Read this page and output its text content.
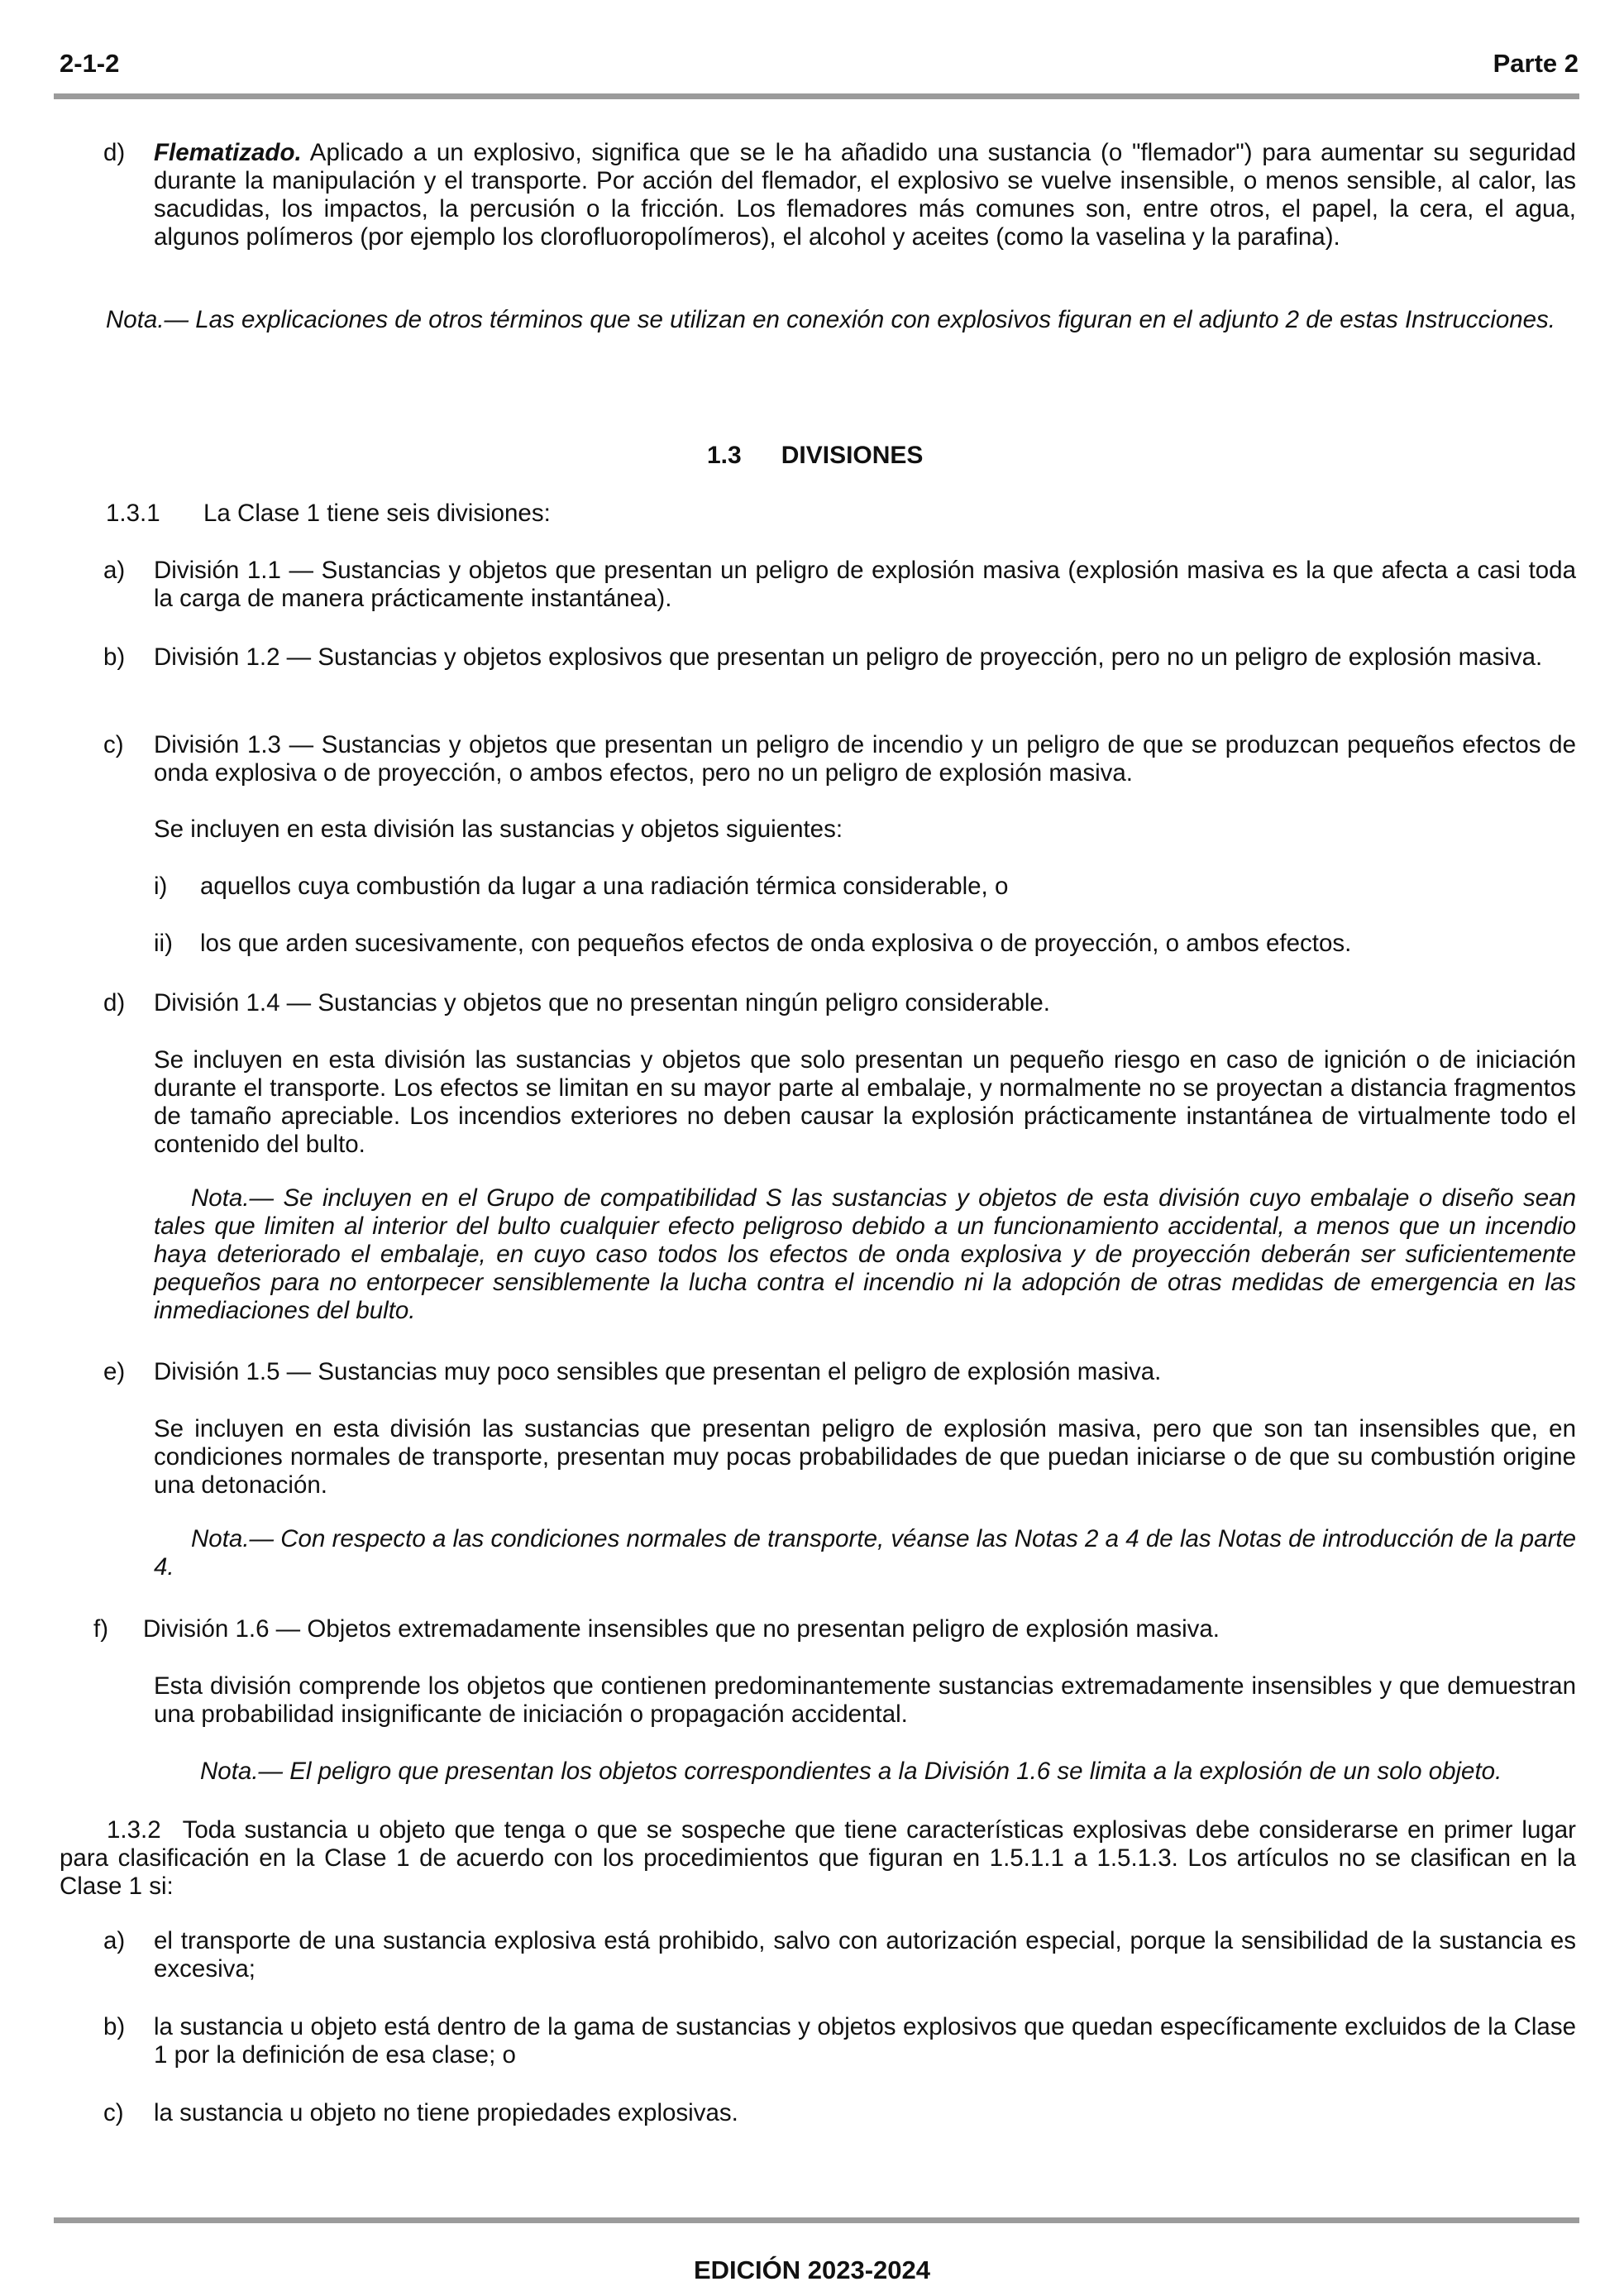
2-1-2	Parte 2
d) Flematizado. Aplicado a un explosivo, significa que se le ha añadido una sustancia (o "flemador") para aumentar su seguridad durante la manipulación y el transporte. Por acción del flemador, el explosivo se vuelve insensible, o menos sensible, al calor, las sacudidas, los impactos, la percusión o la fricción. Los flemadores más comunes son, entre otros, el papel, la cera, el agua, algunos polímeros (por ejemplo los clorofluoropolímeros), el alcohol y aceites (como la vaselina y la parafina).

Nota.— Las explicaciones de otros términos que se utilizan en conexión con explosivos figuran en el adjunto 2 de estas Instrucciones.

1.3 DIVISIONES
1.3.1 La Clase 1 tiene seis divisiones:
a) División 1.1 — Sustancias y objetos que presentan un peligro de explosión masiva (explosión masiva es la que afecta a casi toda la carga de manera prácticamente instantánea).

b) División 1.2 — Sustancias y objetos explosivos que presentan un peligro de proyección, pero no un peligro de explosión masiva.

c) División 1.3 — Sustancias y objetos que presentan un peligro de incendio y un peligro de que se produzcan pequeños efectos de onda explosiva o de proyección, o ambos efectos, pero no un peligro de explosión masiva.

Se incluyen en esta división las sustancias y objetos siguientes:

i) aquellos cuya combustión da lugar a una radiación térmica considerable, o

ii) los que arden sucesivamente, con pequeños efectos de onda explosiva o de proyección, o ambos efectos.

d) División 1.4 — Sustancias y objetos que no presentan ningún peligro considerable.

Se incluyen en esta división las sustancias y objetos que solo presentan un pequeño riesgo en caso de ignición o de iniciación durante el transporte. Los efectos se limitan en su mayor parte al embalaje, y normalmente no se proyectan a distancia fragmentos de tamaño apreciable. Los incendios exteriores no deben causar la explosión prácticamente instantánea de virtualmente todo el contenido del bulto.

Nota.— Se incluyen en el Grupo de compatibilidad S las sustancias y objetos de esta división cuyo embalaje o diseño sean tales que limiten al interior del bulto cualquier efecto peligroso debido a un funcionamiento accidental, a menos que un incendio haya deteriorado el embalaje, en cuyo caso todos los efectos de onda explosiva y de proyección deberán ser suficientemente pequeños para no entorpecer sensiblemente la lucha contra el incendio ni la adopción de otras medidas de emergencia en las inmediaciones del bulto.

e) División 1.5 — Sustancias muy poco sensibles que presentan el peligro de explosión masiva.

Se incluyen en esta división las sustancias que presentan peligro de explosión masiva, pero que son tan insensibles que, en condiciones normales de transporte, presentan muy pocas probabilidades de que puedan iniciarse o de que su combustión origine una detonación.

Nota.— Con respecto a las condiciones normales de transporte, véanse las Notas 2 a 4 de las Notas de introducción de la parte 4.

f) División 1.6 — Objetos extremadamente insensibles que no presentan peligro de explosión masiva.

Esta división comprende los objetos que contienen predominantemente sustancias extremadamente insensibles y que demuestran una probabilidad insignificante de iniciación o propagación accidental.

Nota.— El peligro que presentan los objetos correspondientes a la División 1.6 se limita a la explosión de un solo objeto.

1.3.2 Toda sustancia u objeto que tenga o que se sospeche que tiene características explosivas debe considerarse en primer lugar para clasificación en la Clase 1 de acuerdo con los procedimientos que figuran en 1.5.1.1 a 1.5.1.3. Los artículos no se clasifican en la Clase 1 si:

a) el transporte de una sustancia explosiva está prohibido, salvo con autorización especial, porque la sensibilidad de la sustancia es excesiva;

b) la sustancia u objeto está dentro de la gama de sustancias y objetos explosivos que quedan específicamente excluidos de la Clase 1 por la definición de esa clase; o

c) la sustancia u objeto no tiene propiedades explosivas.

EDICIÓN 2023-2024
